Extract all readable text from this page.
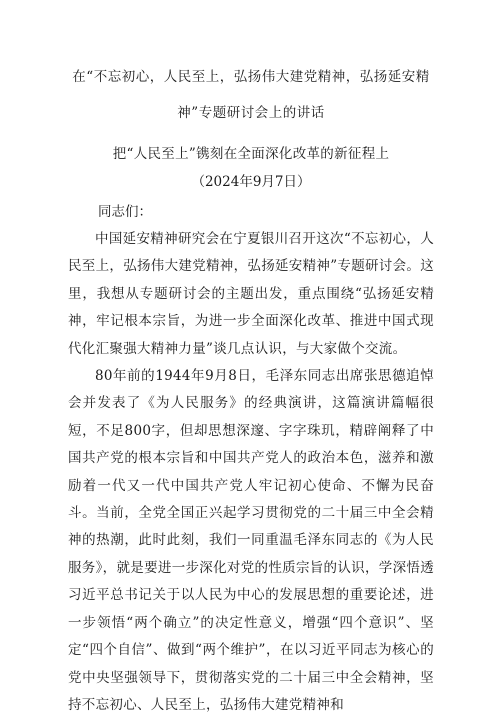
在“不忘初心，人民至上，弘扬伟大建党精神，弘扬延安精
神”专题研讨会上的讲话

把“人民至上”镌刻在全面深化改革的新征程上

（2024年9月7日）

同志们：

中国延安精神研究会在宁夏银川召开这次“不忘初心，人民至上，弘扬伟大建党精神，弘扬延安精神”专题研讨会。这里，我想从专题研讨会的主题出发，重点围绕“弘扬延安精神，牢记根本宗旨，为进一步全面深化改革、推进中国式现代化汇聚强大精神力量”谈几点认识，与大家做个交流。

80年前的1944年9月8日，毛泽东同志出席张思德追悼会并发表了《为人民服务》的经典演讲，这篇演讲篇幅很短，不足800字，但却思想深邃、字字珠玑，精辟阐释了中国共产党的根本宗旨和中国共产党人的政治本色，滋养和激励着一代又一代中国共产党人牢记初心使命、不懈为民奋斗。当前，全党全国正兴起学习贯彻党的二十届三中全会精神的热潮，此时此刻，我们一同重温毛泽东同志的《为人民服务》，就是要进一步深化对党的性质宗旨的认识，学深悟透习近平总书记关于以人民为中心的发展思想的重要论述，进一步领悟“两个确立”的决定性意义，增强“四个意识”、坚定“四个自信”、做到“两个维护”，在以习近平同志为核心的党中央坚强领导下，贯彻落实党的二十届三中全会精神，坚持不忘初心、人民至上，弘扬伟大建党精神和
